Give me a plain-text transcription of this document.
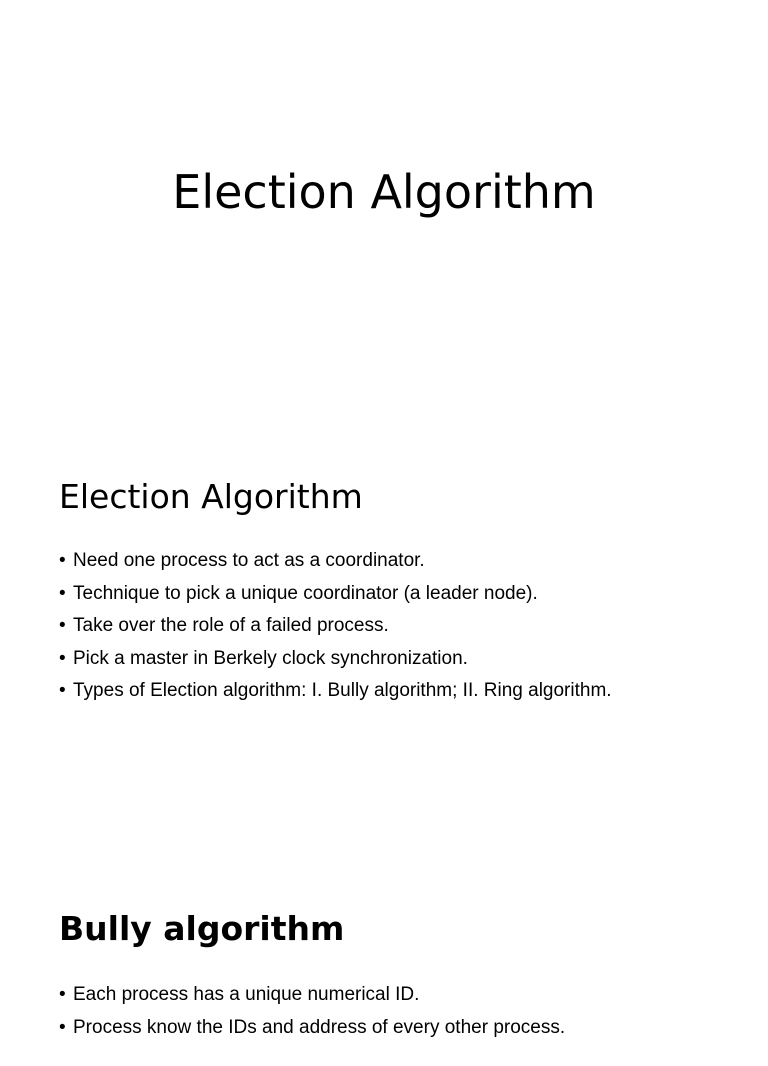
Election Algorithm
Election Algorithm
• Need one process to act as a coordinator.
• Technique to pick a unique coordinator (a leader node).
• Take over the role of a failed process.
• Pick a master in Berkely clock synchronization.
• Types of Election algorithm: I. Bully algorithm; II. Ring algorithm.
Bully algorithm
• Each process has a unique numerical ID.
• Process know the IDs and address of every other process.
